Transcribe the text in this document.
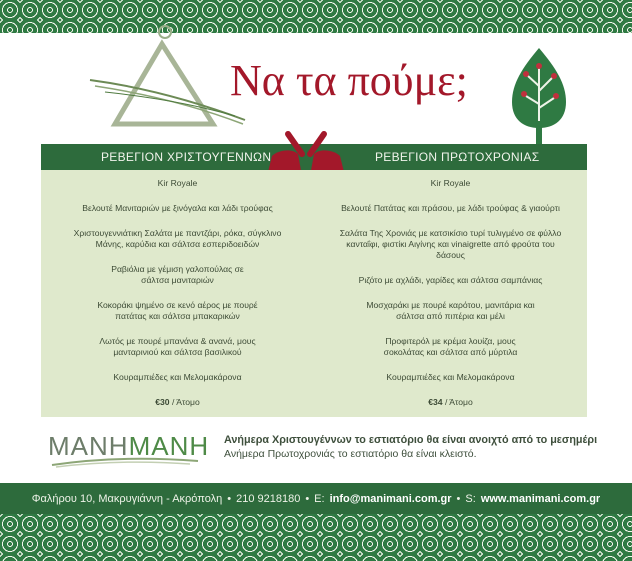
Να τα πούμε;
ΡΕΒΕΓΙΟΝ ΧΡΙΣΤΟΥΓΕΝΝΩΝ	ΡΕΒΕΓΙΟΝ ΠΡΩΤΟΧΡΟΝΙΑΣ

Kir Royale

Βελουτέ Μανιταριών με ξινόγαλα και λάδι τρούφας

Χριστουγεννιάτικη Σαλάτα με παντζάρι, ρόκα, σύγκλινο Μάνης, καρύδια και σάλτσα εσπεριδοειδών

Ραβιόλια με γέμιση γαλοπούλας σε σάλτσα μανιταριών

Κοκοράκι ψημένο σε κενό αέρος με πουρέ πατάτας και σάλτσα μπακαρικών

Λωτός με πουρέ μπανάνα & ανανά, μους μανταρινιού και σάλτσα βασιλικού

Κουραμπιέδες και Μελομακάρονα

€30 / Άτομο

Kir Royale

Βελουτέ Πατάτας και πράσου, με λάδι τρούφας & γιαούρτι

Σαλάτα Της Χρονιάς με κατσικίσιο τυρί τυλιγμένο σε φύλλο κανταΐφι, φιστίκι Αιγίνης και vinaigrette από φρούτα του δάσους

Ριζότο με αχλάδι, γαρίδες και σάλτσα σαμπάνιας

Μοσχαράκι με πουρέ καρότου, μανιτάρια και σάλτσα από πιπέρια και μέλι

Προφιτερόλ με κρέμα λουίζα, μους σοκολάτας και σάλτσα από μύρτιλα

Κουραμπιέδες και Μελομακάρονα

€34 / Άτομο

MANHMANH Ανήμερα Χριστουγέννων το εστιατόριο θα είναι ανοιχτό από το μεσημέρι
Ανήμερα Πρωτοχρονιάς το εστιατόριο θα είναι κλειστό.
Φαλήρου 10, Μακρυγιάννη - Ακρόπολη • 210 9218180 • E: info@manimani.com.gr • S: www.manimani.com.gr
